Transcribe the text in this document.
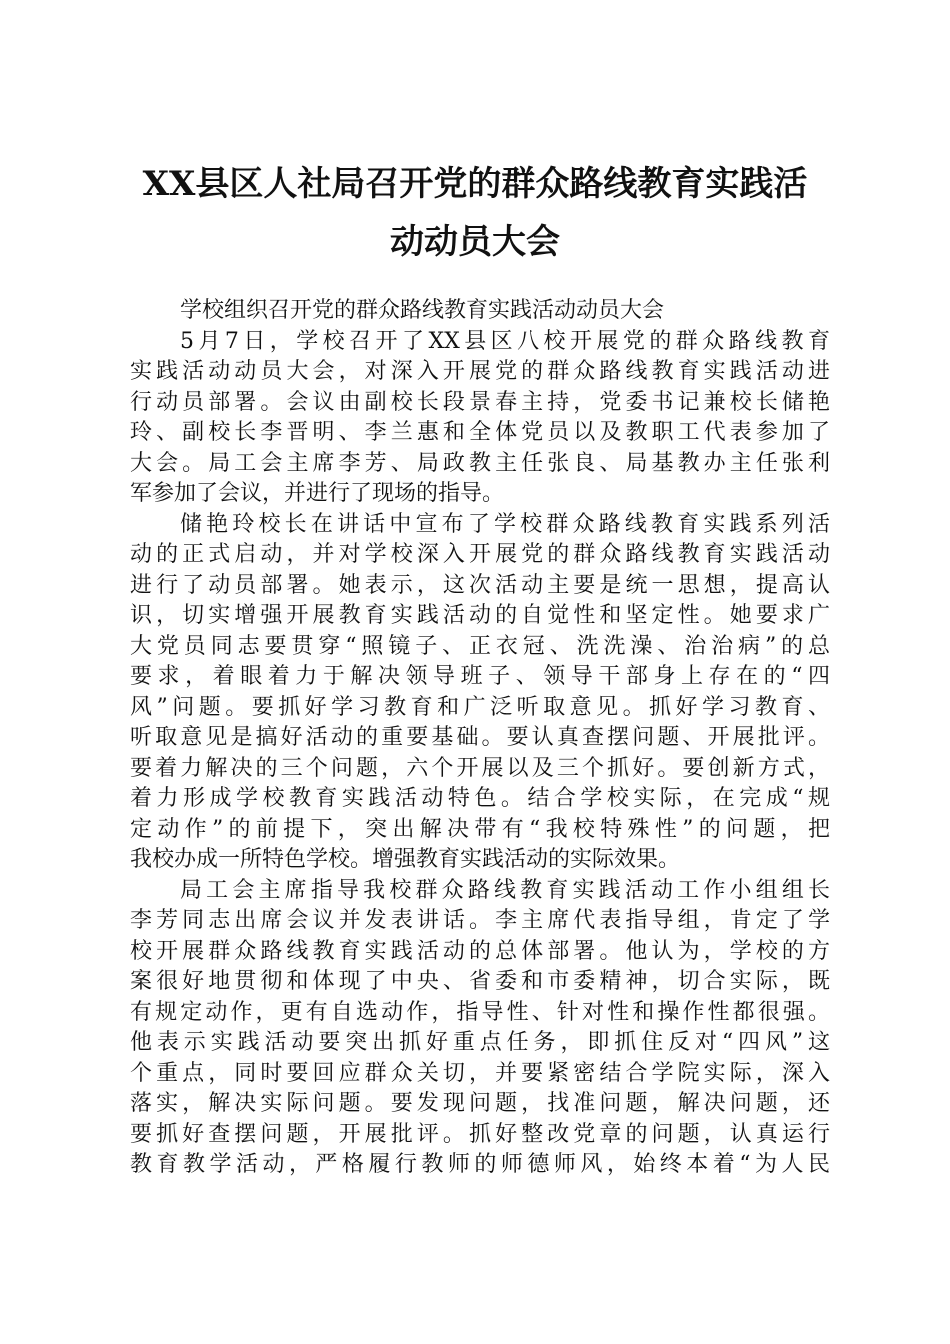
XX县区人社局召开党的群众路线教育实践活
动动员大会
学校组织召开党的群众路线教育实践活动动员大会
5月7日，学校召开了XX县区八校开展党的群众路线教育
实践活动动员大会，对深入开展党的群众路线教育实践活动进
行动员部署。会议由副校长段景春主持，党委书记兼校长储艳
玲、副校长李晋明、李兰惠和全体党员以及教职工代表参加了
大会。局工会主席李芳、局政教主任张良、局基教办主任张利
军参加了会议，并进行了现场的指导。
储艳玲校长在讲话中宣布了学校群众路线教育实践系列活
动的正式启动，并对学校深入开展党的群众路线教育实践活动
进行了动员部署。她表示，这次活动主要是统一思想，提高认
识，切实增强开展教育实践活动的自觉性和坚定性。她要求广
大党员同志要贯穿“照镜子、正衣冠、洗洗澡、治治病”的总
要求，着眼着力于解决领导班子、领导干部身上存在的“四
风”问题。要抓好学习教育和广泛听取意见。抓好学习教育、
听取意见是搞好活动的重要基础。要认真查摆问题、开展批评。
要着力解决的三个问题，六个开展以及三个抓好。要创新方式，
着力形成学校教育实践活动特色。结合学校实际，在完成“规
定动作”的前提下，突出解决带有“我校特殊性”的问题，把
我校办成一所特色学校。增强教育实践活动的实际效果。
局工会主席指导我校群众路线教育实践活动工作小组组长
李芳同志出席会议并发表讲话。李主席代表指导组，肯定了学
校开展群众路线教育实践活动的总体部署。他认为，学校的方
案很好地贯彻和体现了中央、省委和市委精神，切合实际，既
有规定动作，更有自选动作，指导性、针对性和操作性都很强。
他表示实践活动要突出抓好重点任务，即抓住反对“四风”这
个重点，同时要回应群众关切，并要紧密结合学院实际，深入
落实，解决实际问题。要发现问题，找准问题，解决问题，还
要抓好查摆问题，开展批评。抓好整改党章的问题，认真运行
教育教学活动，严格履行教师的师德师风，始终本着“为人民
